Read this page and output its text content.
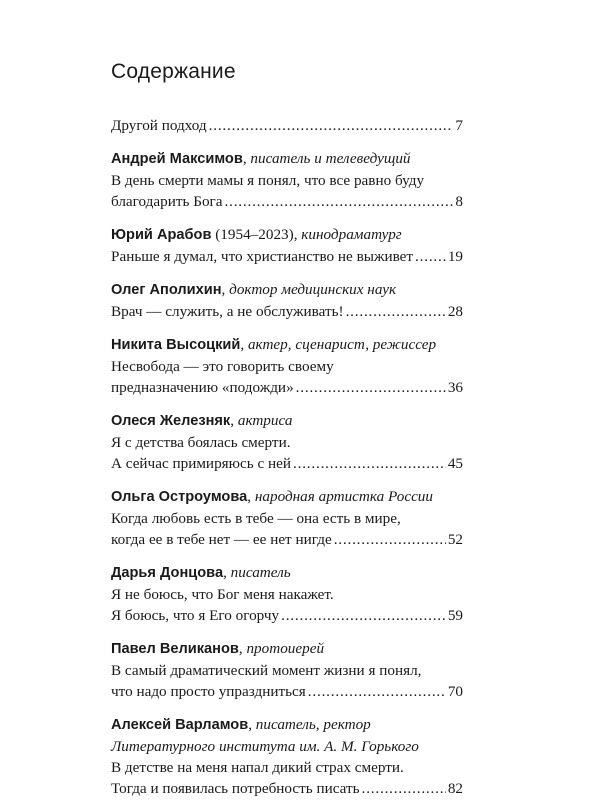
Содержание
Другой подход . . .	7
Андрей Максимов, писатель и телеведущий
В день смерти мамы я понял, что все равно буду
благодарить Бога . . .	8
Юрий Арабов (1954–2023), кинодраматург
Раньше я думал, что христианство не выживет . . . 19
Олег Аполихин, доктор медицинских наук
Врач — служить, а не обслуживать! . . .	28
Никита Высоцкий, актер, сценарист, режиссер
Несвобода — это говорить своему
предназначению «подожди» . . .	36
Олеся Железняк, актриса
Я с детства боялась смерти.
А сейчас примиряюсь с ней . . .	45
Ольга Остроумова, народная артистка России
Когда любовь есть в тебе — она есть в мире,
когда ее в тебе нет — ее нет нигде . . .	52
Дарья Донцова, писатель
Я не боюсь, что Бог меня накажет.
Я боюсь, что я Его огорчу . . .	59
Павел Великанов, протоиерей
В самый драматический момент жизни я понял,
что надо просто упраздниться . . .	70
Алексей Варламов, писатель, ректор
Литературного института им. А. М. Горького
В детстве на меня напал дикий страх смерти.
Тогда и появилась потребность писать . . .	82
